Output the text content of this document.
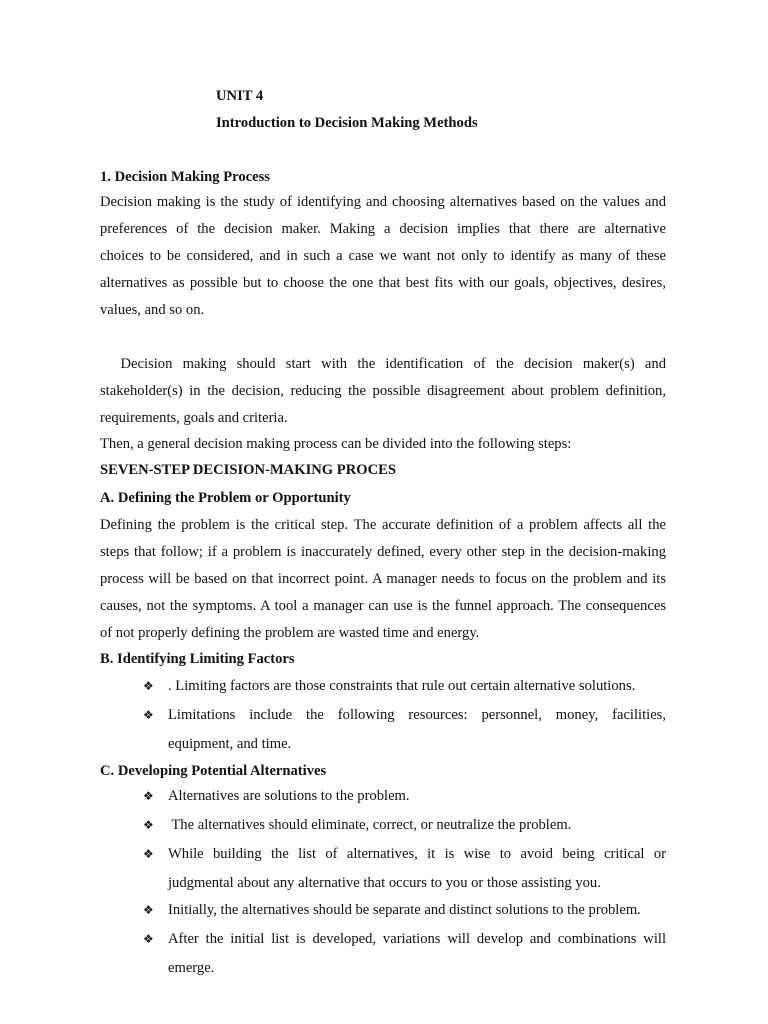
UNIT 4
Introduction to Decision Making Methods
1. Decision Making Process
Decision making is the study of identifying and choosing alternatives based on the values and
preferences of the decision maker. Making a decision implies that there are alternative
choices to be considered, and in such a case we want not only to identify as many of these
alternatives as possible but to choose the one that best fits with our goals, objectives, desires,
values, and so on.
Decision making should start with the identification of the decision maker(s) and
stakeholder(s) in the decision, reducing the possible disagreement about problem definition,
requirements, goals and criteria.
Then, a general decision making process can be divided into the following steps:
SEVEN-STEP DECISION-MAKING PROCES
A. Defining the Problem or Opportunity
Defining the problem is the critical step. The accurate definition of a problem affects all the
steps that follow; if a problem is inaccurately defined, every other step in the decision-making
process will be based on that incorrect point. A manager needs to focus on the problem and its
causes, not the symptoms. A tool a manager can use is the funnel approach. The consequences
of not properly defining the problem are wasted time and energy.
B. Identifying Limiting Factors
❖ . Limiting factors are those constraints that rule out certain alternative solutions.
❖ Limitations include the following resources: personnel, money, facilities,
equipment, and time.
C. Developing Potential Alternatives
❖ Alternatives are solutions to the problem.
❖ The alternatives should eliminate, correct, or neutralize the problem.
❖ While building the list of alternatives, it is wise to avoid being critical or
judgmental about any alternative that occurs to you or those assisting you.
❖ Initially, the alternatives should be separate and distinct solutions to the problem.
❖ After the initial list is developed, variations will develop and combinations will
emerge.
